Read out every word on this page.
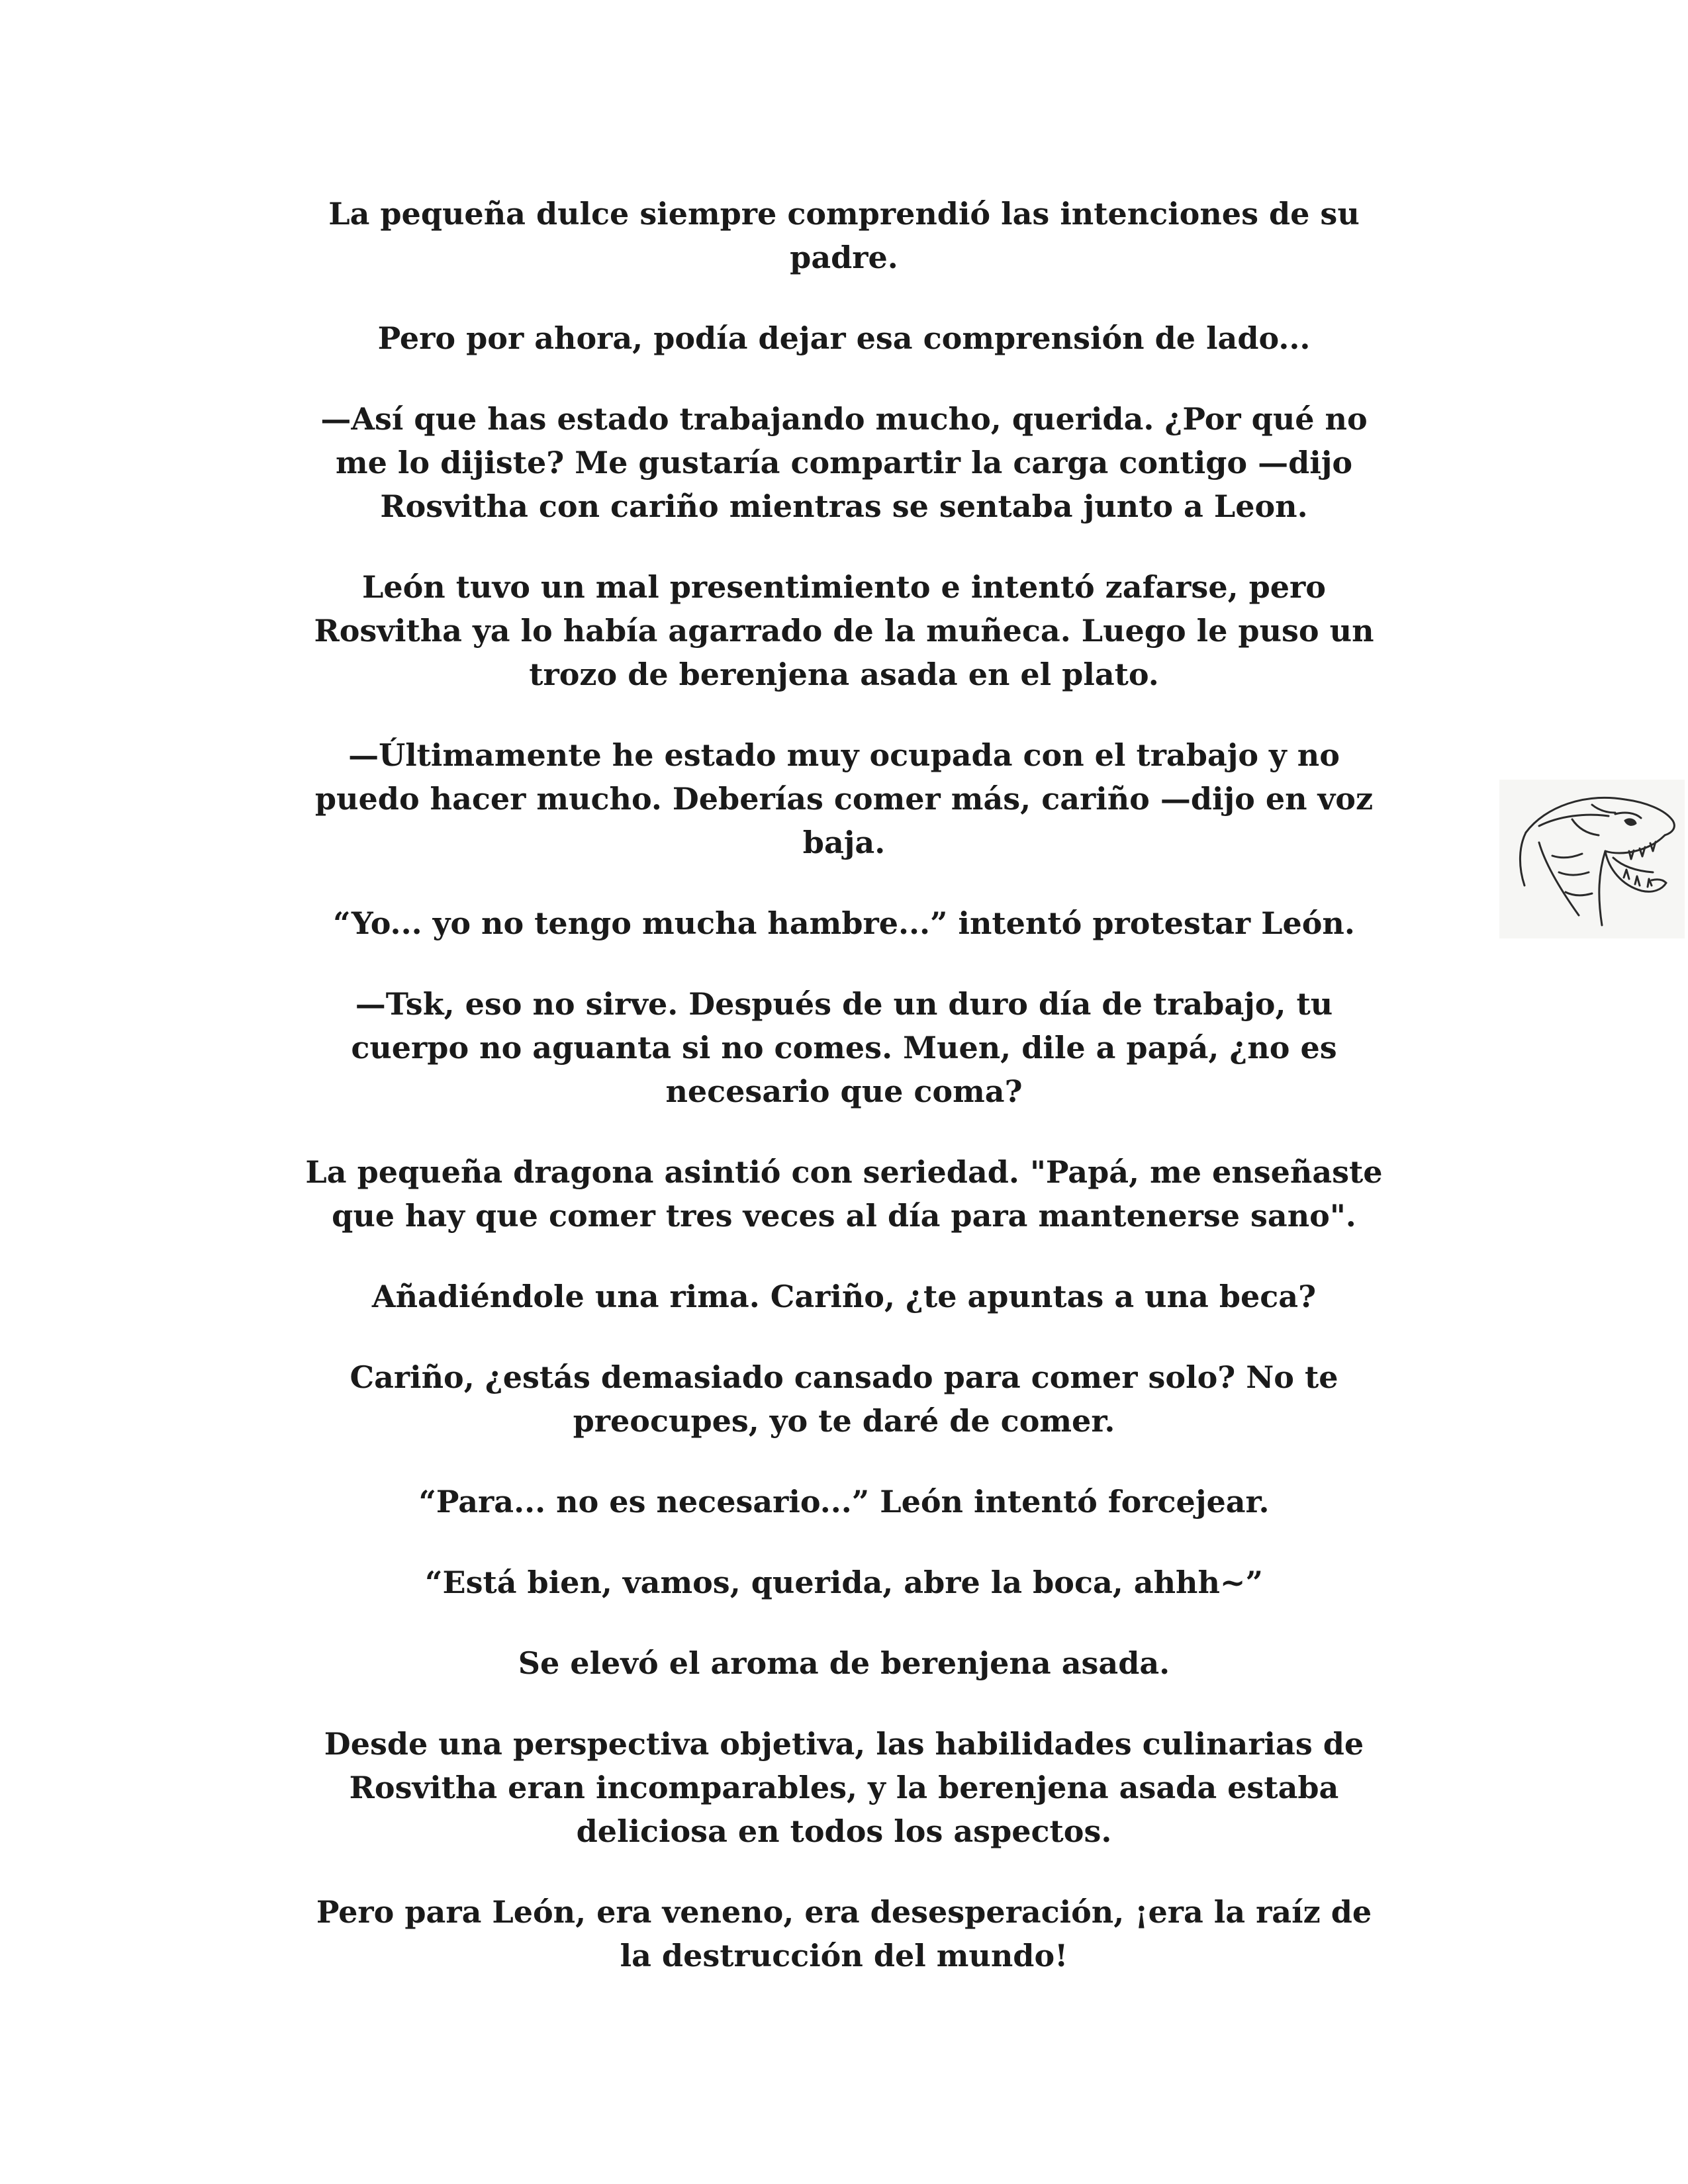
La pequeña dulce siempre comprendió las intenciones de su
padre.

Pero por ahora, podía dejar esa comprensión de lado...

—Así que has estado trabajando mucho, querida. ¿Por qué no
me lo dijiste? Me gustaría compartir la carga contigo —dijo
Rosvitha con cariño mientras se sentaba junto a Leon.

León tuvo un mal presentimiento e intentó zafarse, pero
Rosvitha ya lo había agarrado de la muñeca. Luego le puso un
trozo de berenjena asada en el plato.

—Últimamente he estado muy ocupada con el trabajo y no
puedo hacer mucho. Deberías comer más, cariño —dijo en voz
baja.

“Yo... yo no tengo mucha hambre...” intentó protestar León.

—Tsk, eso no sirve. Después de un duro día de trabajo, tu
cuerpo no aguanta si no comes. Muen, dile a papá, ¿no es
necesario que coma?

La pequeña dragona asintió con seriedad. "Papá, me enseñaste
que hay que comer tres veces al día para mantenerse sano".

Añadiéndole una rima. Cariño, ¿te apuntas a una beca?

Cariño, ¿estás demasiado cansado para comer solo? No te
preocupes, yo te daré de comer.

“Para... no es necesario...” León intentó forcejear.

“Está bien, vamos, querida, abre la boca, ahhh~”

Se elevó el aroma de berenjena asada.

Desde una perspectiva objetiva, las habilidades culinarias de
Rosvitha eran incomparables, y la berenjena asada estaba
deliciosa en todos los aspectos.

Pero para León, era veneno, era desesperación, ¡era la raíz de
la destrucción del mundo!
